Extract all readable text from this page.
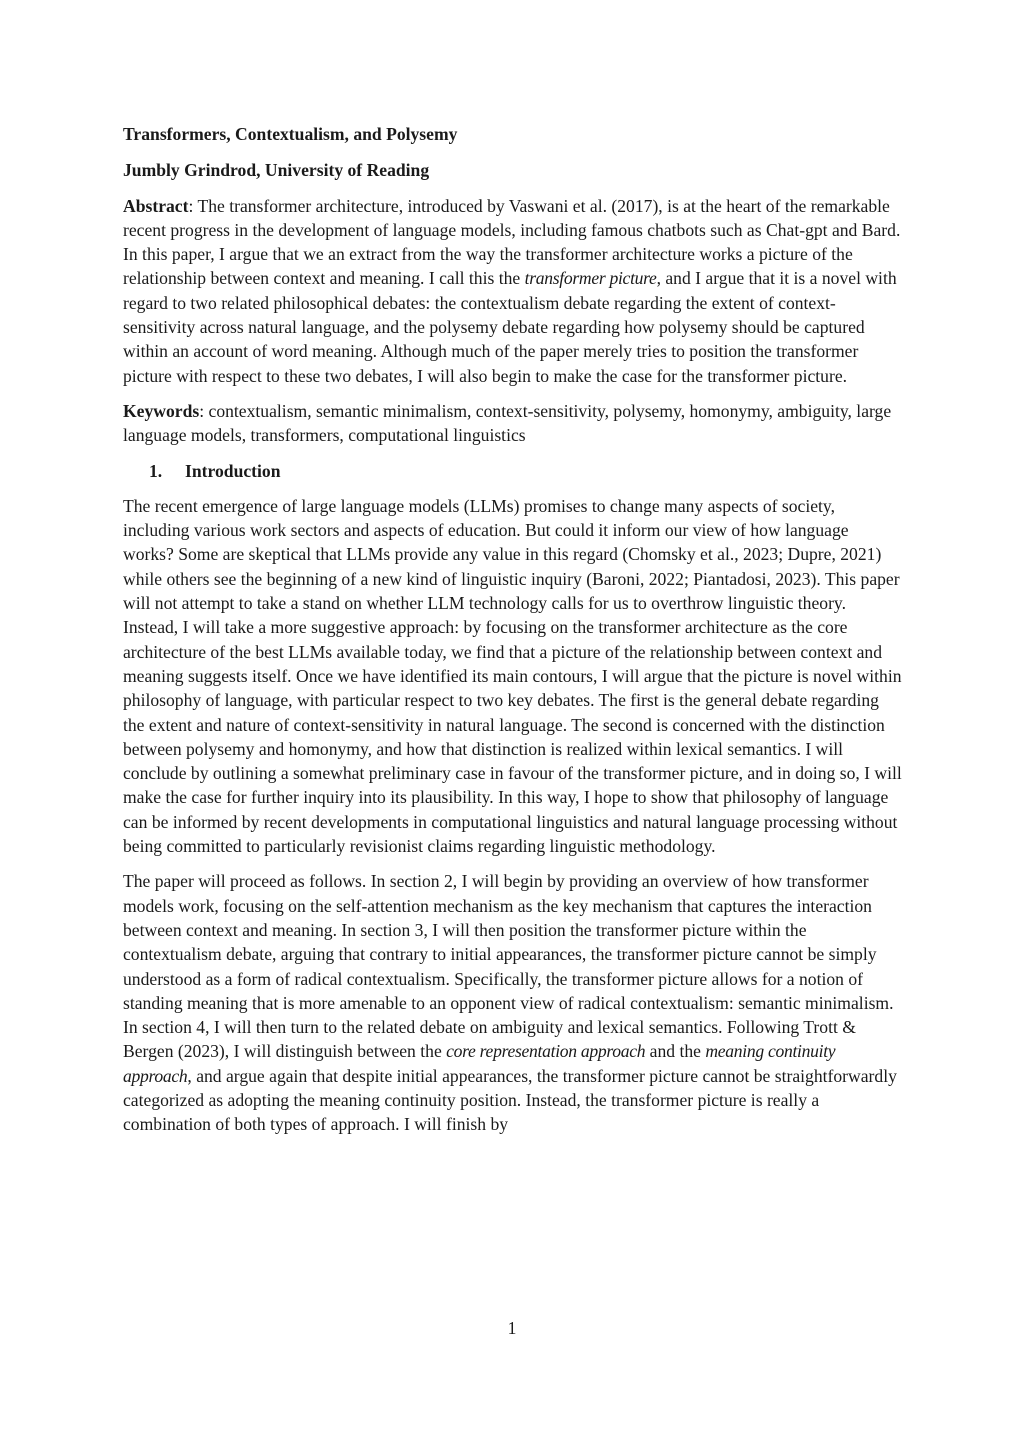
Transformers, Contextualism, and Polysemy

Jumbly Grindrod, University of Reading

Abstract: The transformer architecture, introduced by Vaswani et al. (2017), is at the heart of the remarkable recent progress in the development of language models, including famous chatbots such as Chat-gpt and Bard. In this paper, I argue that we an extract from the way the transformer architecture works a picture of the relationship between context and meaning. I call this the transformer picture, and I argue that it is a novel with regard to two related philosophical debates: the contextualism debate regarding the extent of context-sensitivity across natural language, and the polysemy debate regarding how polysemy should be captured within an account of word meaning. Although much of the paper merely tries to position the transformer picture with respect to these two debates, I will also begin to make the case for the transformer picture.

Keywords: contextualism, semantic minimalism, context-sensitivity, polysemy, homonymy, ambiguity, large language models, transformers, computational linguistics

1. Introduction

The recent emergence of large language models (LLMs) promises to change many aspects of society, including various work sectors and aspects of education. But could it inform our view of how language works? Some are skeptical that LLMs provide any value in this regard (Chomsky et al., 2023; Dupre, 2021) while others see the beginning of a new kind of linguistic inquiry (Baroni, 2022; Piantadosi, 2023). This paper will not attempt to take a stand on whether LLM technology calls for us to overthrow linguistic theory. Instead, I will take a more suggestive approach: by focusing on the transformer architecture as the core architecture of the best LLMs available today, we find that a picture of the relationship between context and meaning suggests itself. Once we have identified its main contours, I will argue that the picture is novel within philosophy of language, with particular respect to two key debates. The first is the general debate regarding the extent and nature of context-sensitivity in natural language. The second is concerned with the distinction between polysemy and homonymy, and how that distinction is realized within lexical semantics. I will conclude by outlining a somewhat preliminary case in favour of the transformer picture, and in doing so, I will make the case for further inquiry into its plausibility. In this way, I hope to show that philosophy of language can be informed by recent developments in computational linguistics and natural language processing without being committed to particularly revisionist claims regarding linguistic methodology.

The paper will proceed as follows. In section 2, I will begin by providing an overview of how transformer models work, focusing on the self-attention mechanism as the key mechanism that captures the interaction between context and meaning. In section 3, I will then position the transformer picture within the contextualism debate, arguing that contrary to initial appearances, the transformer picture cannot be simply understood as a form of radical contextualism. Specifically, the transformer picture allows for a notion of standing meaning that is more amenable to an opponent view of radical contextualism: semantic minimalism. In section 4, I will then turn to the related debate on ambiguity and lexical semantics. Following Trott & Bergen (2023), I will distinguish between the core representation approach and the meaning continuity approach, and argue again that despite initial appearances, the transformer picture cannot be straightforwardly categorized as adopting the meaning continuity position. Instead, the transformer picture is really a combination of both types of approach. I will finish by

1
